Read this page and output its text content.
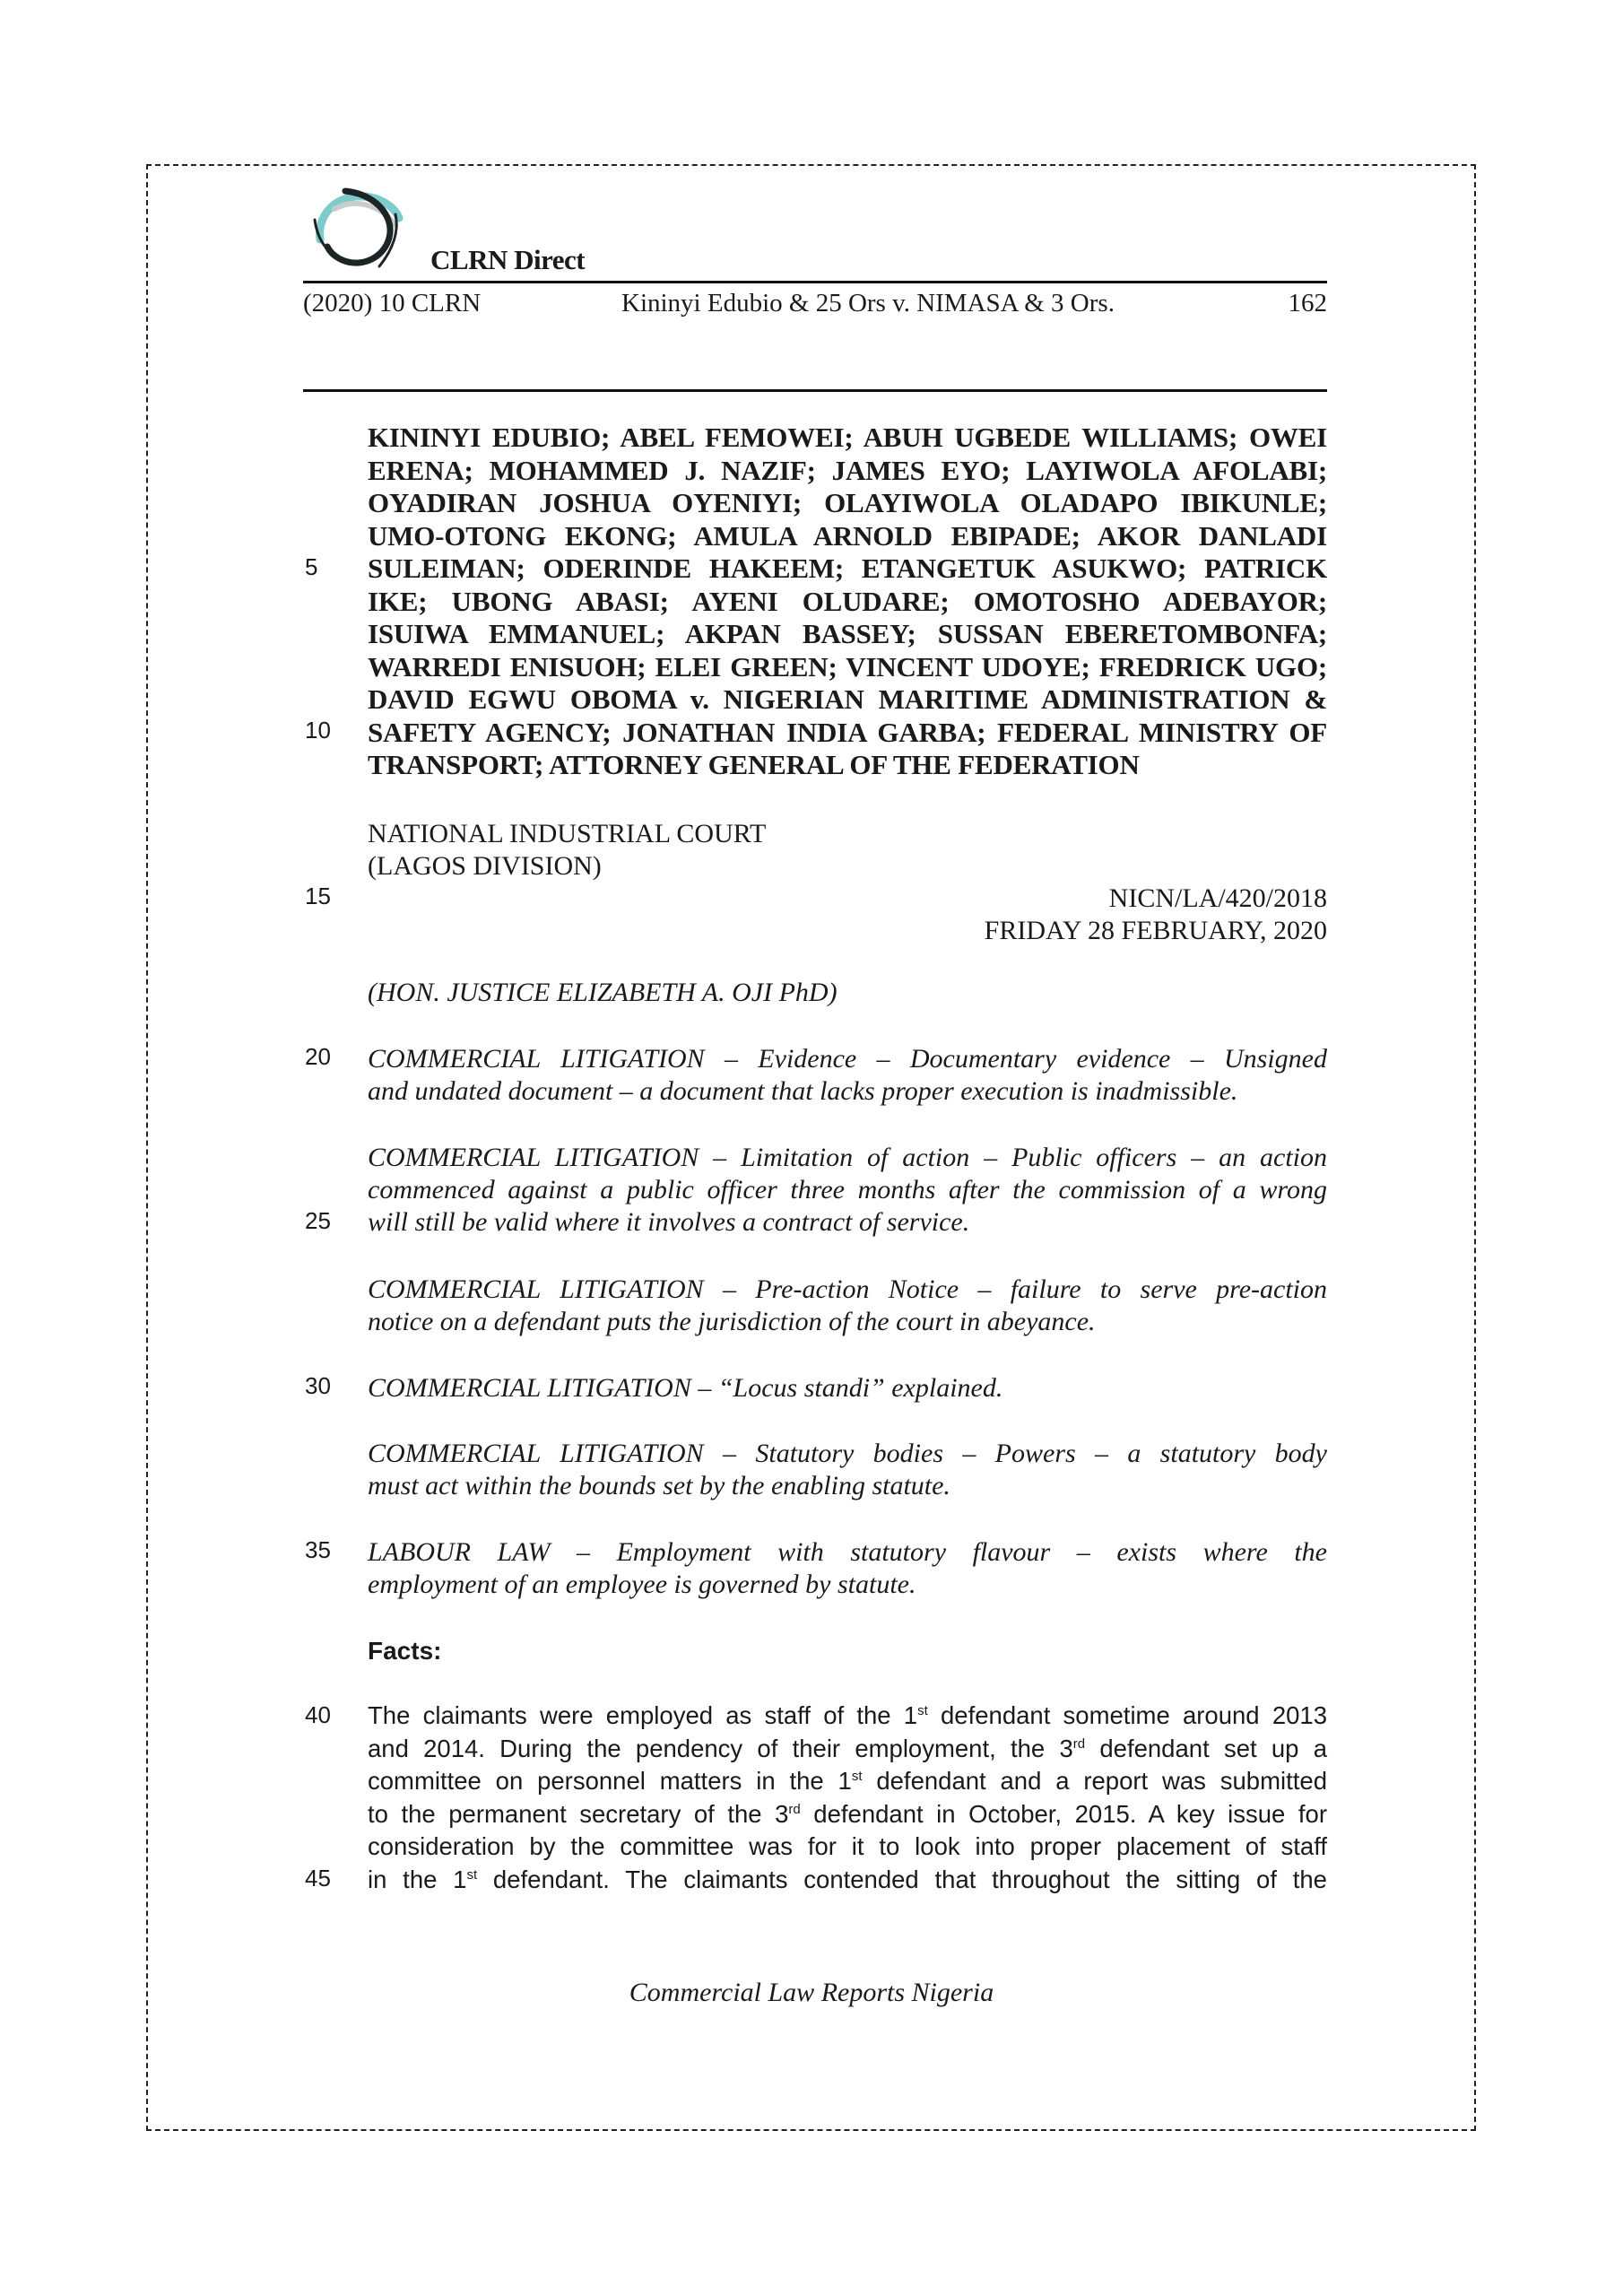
CLRN Direct
(2020) 10 CLRN	Kininyi Edubio & 25 Ors v. NIMASA & 3 Ors.	162
5
10
15
20
25
30
35
40
45
KININYI EDUBIO; ABEL FEMOWEI; ABUH UGBEDE WILLIAMS; OWEI
ERENA; MOHAMMED J. NAZIF; JAMES EYO; LAYIWOLA AFOLABI;
OYADIRAN JOSHUA OYENIYI; OLAYIWOLA OLADAPO IBIKUNLE;
UMO-OTONG EKONG; AMULA ARNOLD EBIPADE; AKOR DANLADI
SULEIMAN; ODERINDE HAKEEM; ETANGETUK ASUKWO; PATRICK
IKE; UBONG ABASI; AYENI OLUDARE; OMOTOSHO ADEBAYOR;
ISUIWA EMMANUEL; AKPAN BASSEY; SUSSAN EBERETOMBONFA;
WARREDI ENISUOH; ELEI GREEN; VINCENT UDOYE; FREDRICK UGO;
DAVID EGWU OBOMA v. NIGERIAN MARITIME ADMINISTRATION &
SAFETY AGENCY; JONATHAN INDIA GARBA; FEDERAL MINISTRY OF
TRANSPORT; ATTORNEY GENERAL OF THE FEDERATION
NATIONAL INDUSTRIAL COURT
(LAGOS DIVISION)
NICN/LA/420/2018
FRIDAY 28 FEBRUARY, 2020
(HON. JUSTICE ELIZABETH A. OJI PhD)
COMMERCIAL LITIGATION – Evidence – Documentary evidence – Unsigned
and undated document – a document that lacks proper execution is inadmissible.
COMMERCIAL LITIGATION – Limitation of action – Public officers – an action
commenced against a public officer three months after the commission of a wrong
will still be valid where it involves a contract of service.
COMMERCIAL LITIGATION – Pre-action Notice – failure to serve pre-action
notice on a defendant puts the jurisdiction of the court in abeyance.
COMMERCIAL LITIGATION – “Locus standi” explained.
COMMERCIAL LITIGATION – Statutory bodies – Powers – a statutory body
must act within the bounds set by the enabling statute.
LABOUR LAW – Employment with statutory flavour – exists where the
employment of an employee is governed by statute.
Facts:
The claimants were employed as staff of the 1st defendant sometime around 2013
and 2014. During the pendency of their employment, the 3rd defendant set up a
committee on personnel matters in the 1st defendant and a report was submitted
to the permanent secretary of the 3rd defendant in October, 2015. A key issue for
consideration by the committee was for it to look into proper placement of staff
in the 1st defendant. The claimants contended that throughout the sitting of the
Commercial Law Reports Nigeria
